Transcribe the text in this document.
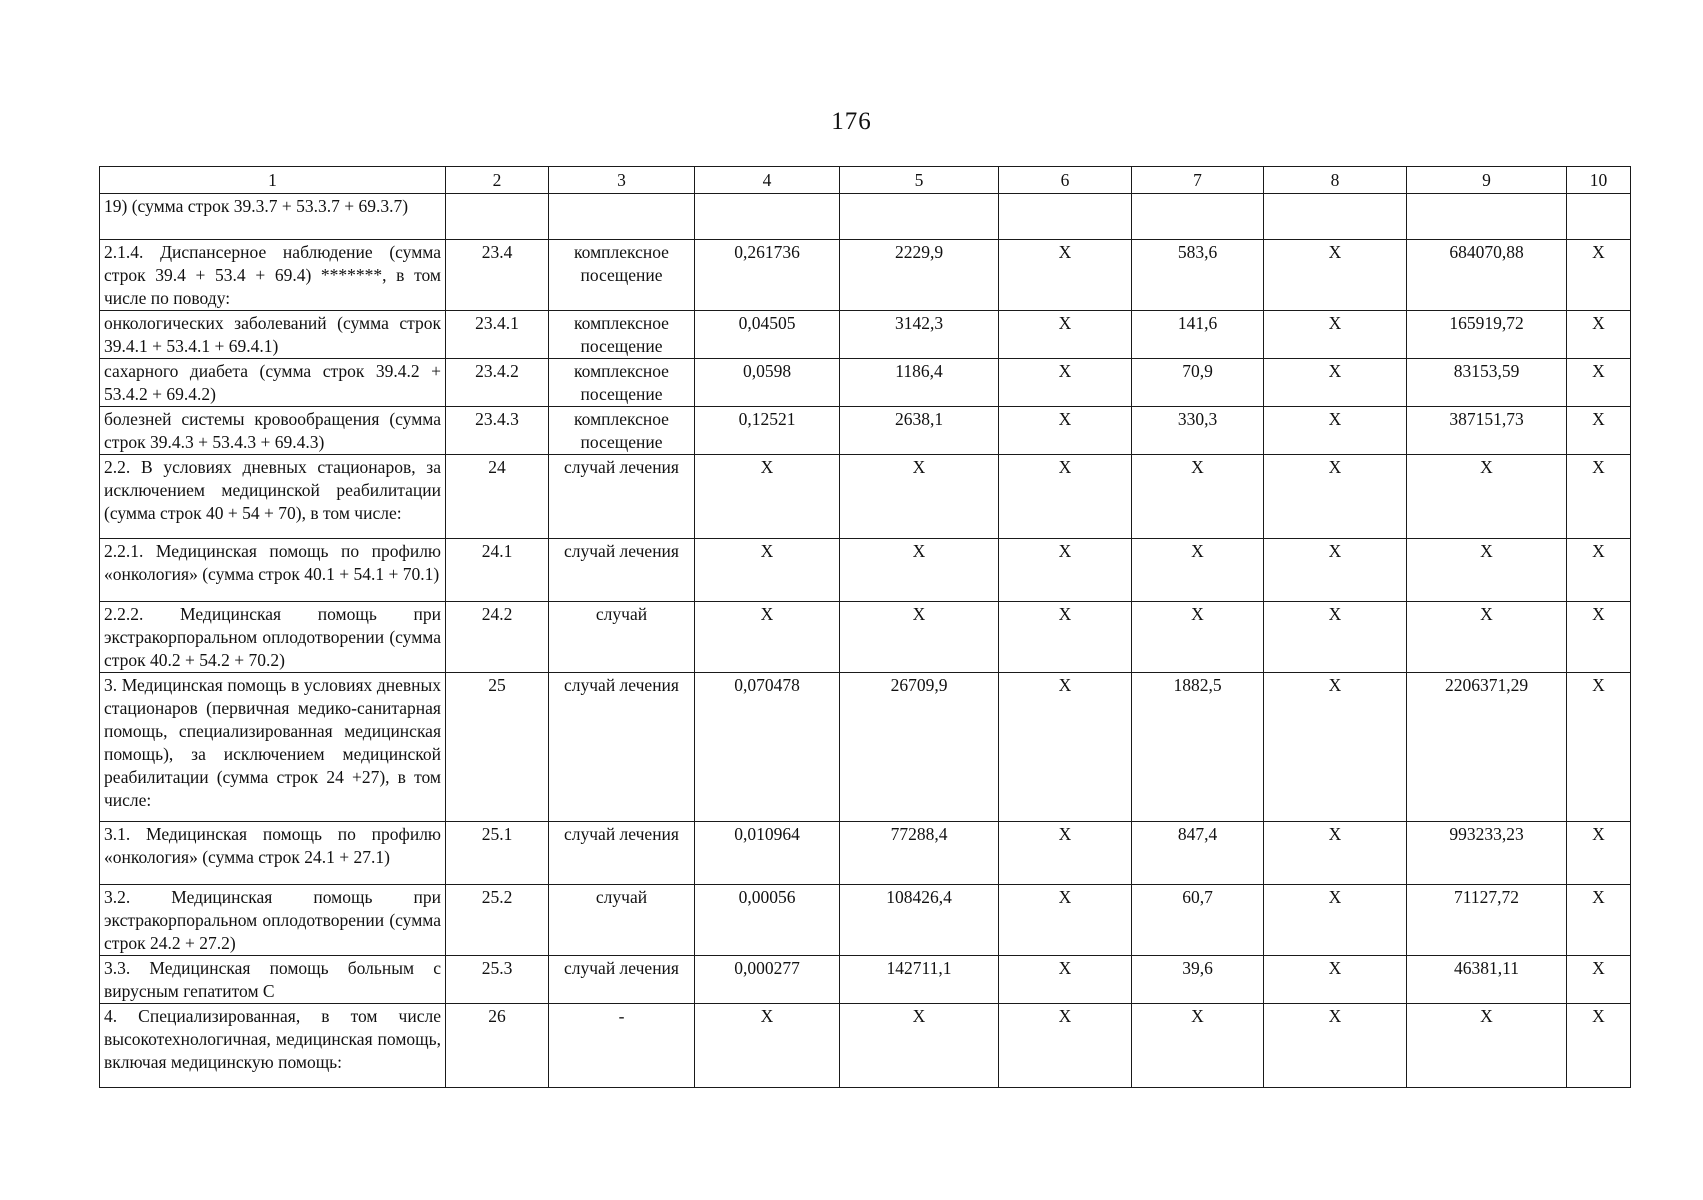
176
1	2	3	4	5	6	7	8	9	10
19) (сумма строк 39.3.7 + 53.3.7 + 69.3.7)									
2.1.4. Диспансерное наблюдение (сумма строк 39.4 + 53.4 + 69.4) *******, в том числе по поводу:	23.4	комплексное посещение	0,261736	2229,9	Х	583,6	Х	684070,88	Х
онкологических заболеваний (сумма строк 39.4.1 + 53.4.1 + 69.4.1)	23.4.1	комплексное посещение	0,04505	3142,3	Х	141,6	Х	165919,72	Х
сахарного диабета (сумма строк 39.4.2 + 53.4.2 + 69.4.2)	23.4.2	комплексное посещение	0,0598	1186,4	Х	70,9	Х	83153,59	Х
болезней системы кровообращения (сумма строк 39.4.3 + 53.4.3 + 69.4.3)	23.4.3	комплексное посещение	0,12521	2638,1	Х	330,3	Х	387151,73	Х
2.2. В условиях дневных стационаров, за исключением медицинской реабилитации (сумма строк 40 + 54 + 70), в том числе:	24	случай лечения	Х	Х	Х	Х	Х	Х	Х
2.2.1. Медицинская помощь по профилю «онкология» (сумма строк 40.1 + 54.1 + 70.1)	24.1	случай лечения	Х	Х	Х	Х	Х	Х	Х
2.2.2. Медицинская помощь при экстракорпоральном оплодотворении (сумма строк 40.2 + 54.2 + 70.2)	24.2	случай	Х	Х	Х	Х	Х	Х	Х
3. Медицинская помощь в условиях дневных стационаров (первичная медико-санитарная помощь, специализированная медицинская помощь), за исключением медицинской реабилитации (сумма строк 24 +27), в том числе:	25	случай лечения	0,070478	26709,9	Х	1882,5	Х	2206371,29	Х
3.1. Медицинская помощь по профилю «онкология» (сумма строк 24.1 + 27.1)	25.1	случай лечения	0,010964	77288,4	Х	847,4	Х	993233,23	Х
3.2. Медицинская помощь при экстракорпоральном оплодотворении (сумма строк 24.2 + 27.2)	25.2	случай	0,00056	108426,4	Х	60,7	Х	71127,72	Х
3.3. Медицинская помощь больным с вирусным гепатитом С	25.3	случай лечения	0,000277	142711,1	Х	39,6	Х	46381,11	Х
4. Специализированная, в том числе высокотехнологичная, медицинская помощь, включая медицинскую помощь:	26	-	Х	Х	Х	Х	Х	Х	Х
